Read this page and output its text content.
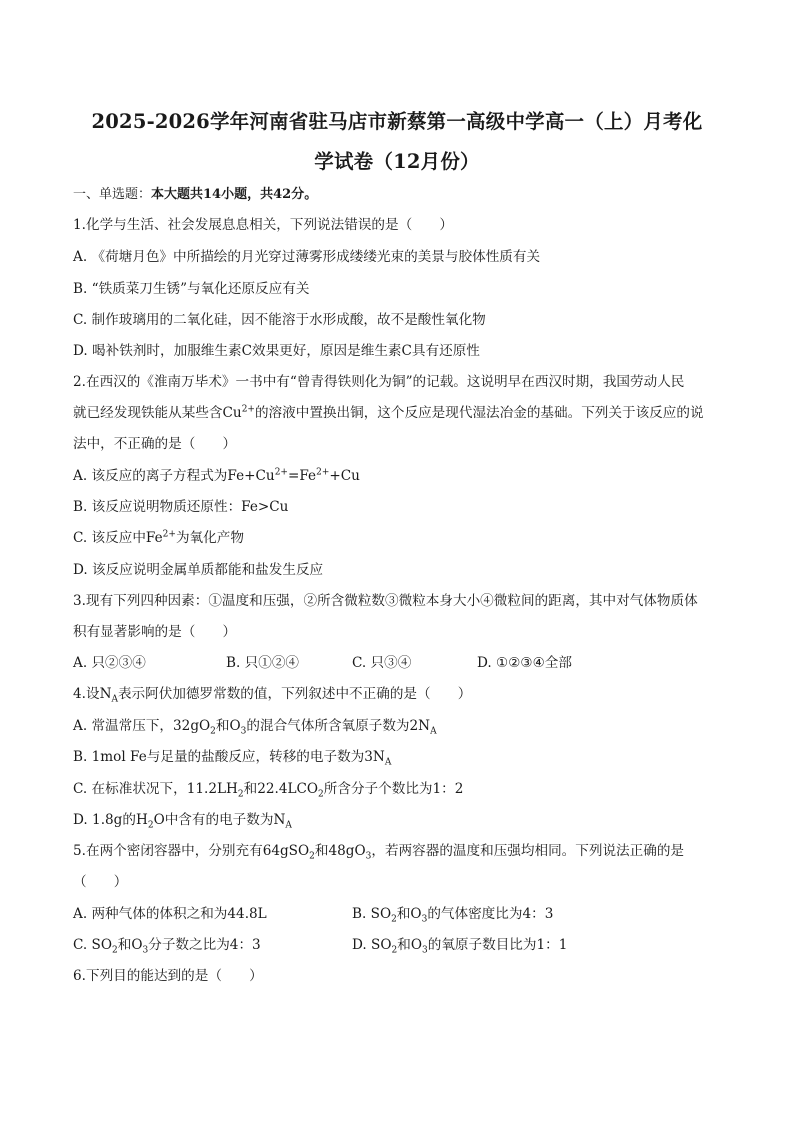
2025-2026学年河南省驻马店市新蔡第一高级中学高一（上）月考化
学试卷（12月份）
一、单选题：本大题共14小题，共42分。
1.化学与生活、社会发展息息相关，下列说法错误的是（　　）
A. 《荷塘月色》中所描绘的月光穿过薄雾形成缕缕光束的美景与胶体性质有关
B. “铁质菜刀生锈”与氧化还原反应有关
C. 制作玻璃用的二氧化硅，因不能溶于水形成酸，故不是酸性氧化物
D. 喝补铁剂时，加服维生素C效果更好，原因是维生素C具有还原性
2.在西汉的《淮南万毕术》一书中有“曾青得铁则化为铜”的记载。这说明早在西汉时期，我国劳动人民
就已经发现铁能从某些含$Cu^{2+}$的溶液中置换出铜，这个反应是现代湿法冶金的基础。下列关于该反应的说
法中，不正确的是（　　）
A. 该反应的离子方程式为$Fe+Cu^{2+}=Fe^{2+}+Cu$
B. 该反应说明物质还原性：Fe>Cu
C. 该反应中$Fe^{2+}$为氧化产物
D. 该反应说明金属单质都能和盐发生反应
3.现有下列四种因素：①温度和压强，②所含微粒数③微粒本身大小④微粒间的距离，其中对气体物质体
积有显著影响的是（　　）
A. 只②③④	B. 只①②④	C. 只③④	D. ①②③④全部
4.设$N_A$表示阿伏加德罗常数的值，下列叙述中不正确的是（　　）
A. 常温常压下，$32gO_2$和$O_3$的混合气体所含氧原子数为$2N_A$
B. 1mol Fe与足量的盐酸反应，转移的电子数为$3N_A$
C. 在标准状况下，$11.2LH_2$和$22.4LCO_2$所含分子个数比为1：2
D. 1.8g的$H_2O$中含有的电子数为$N_A$
5.在两个密闭容器中，分别充有64gSO$_2$和$48gO_3$，若两容器的温度和压强均相同。下列说法正确的是
（　　）
A. 两种气体的体积之和为44.8L	B. $SO_2$和$O_3$的气体密度比为4：3
C. $SO_2$和$O_3$分子数之比为4：3	D. $SO_2$和$O_3$的氧原子数目比为1：1
6.下列目的能达到的是（　　）
